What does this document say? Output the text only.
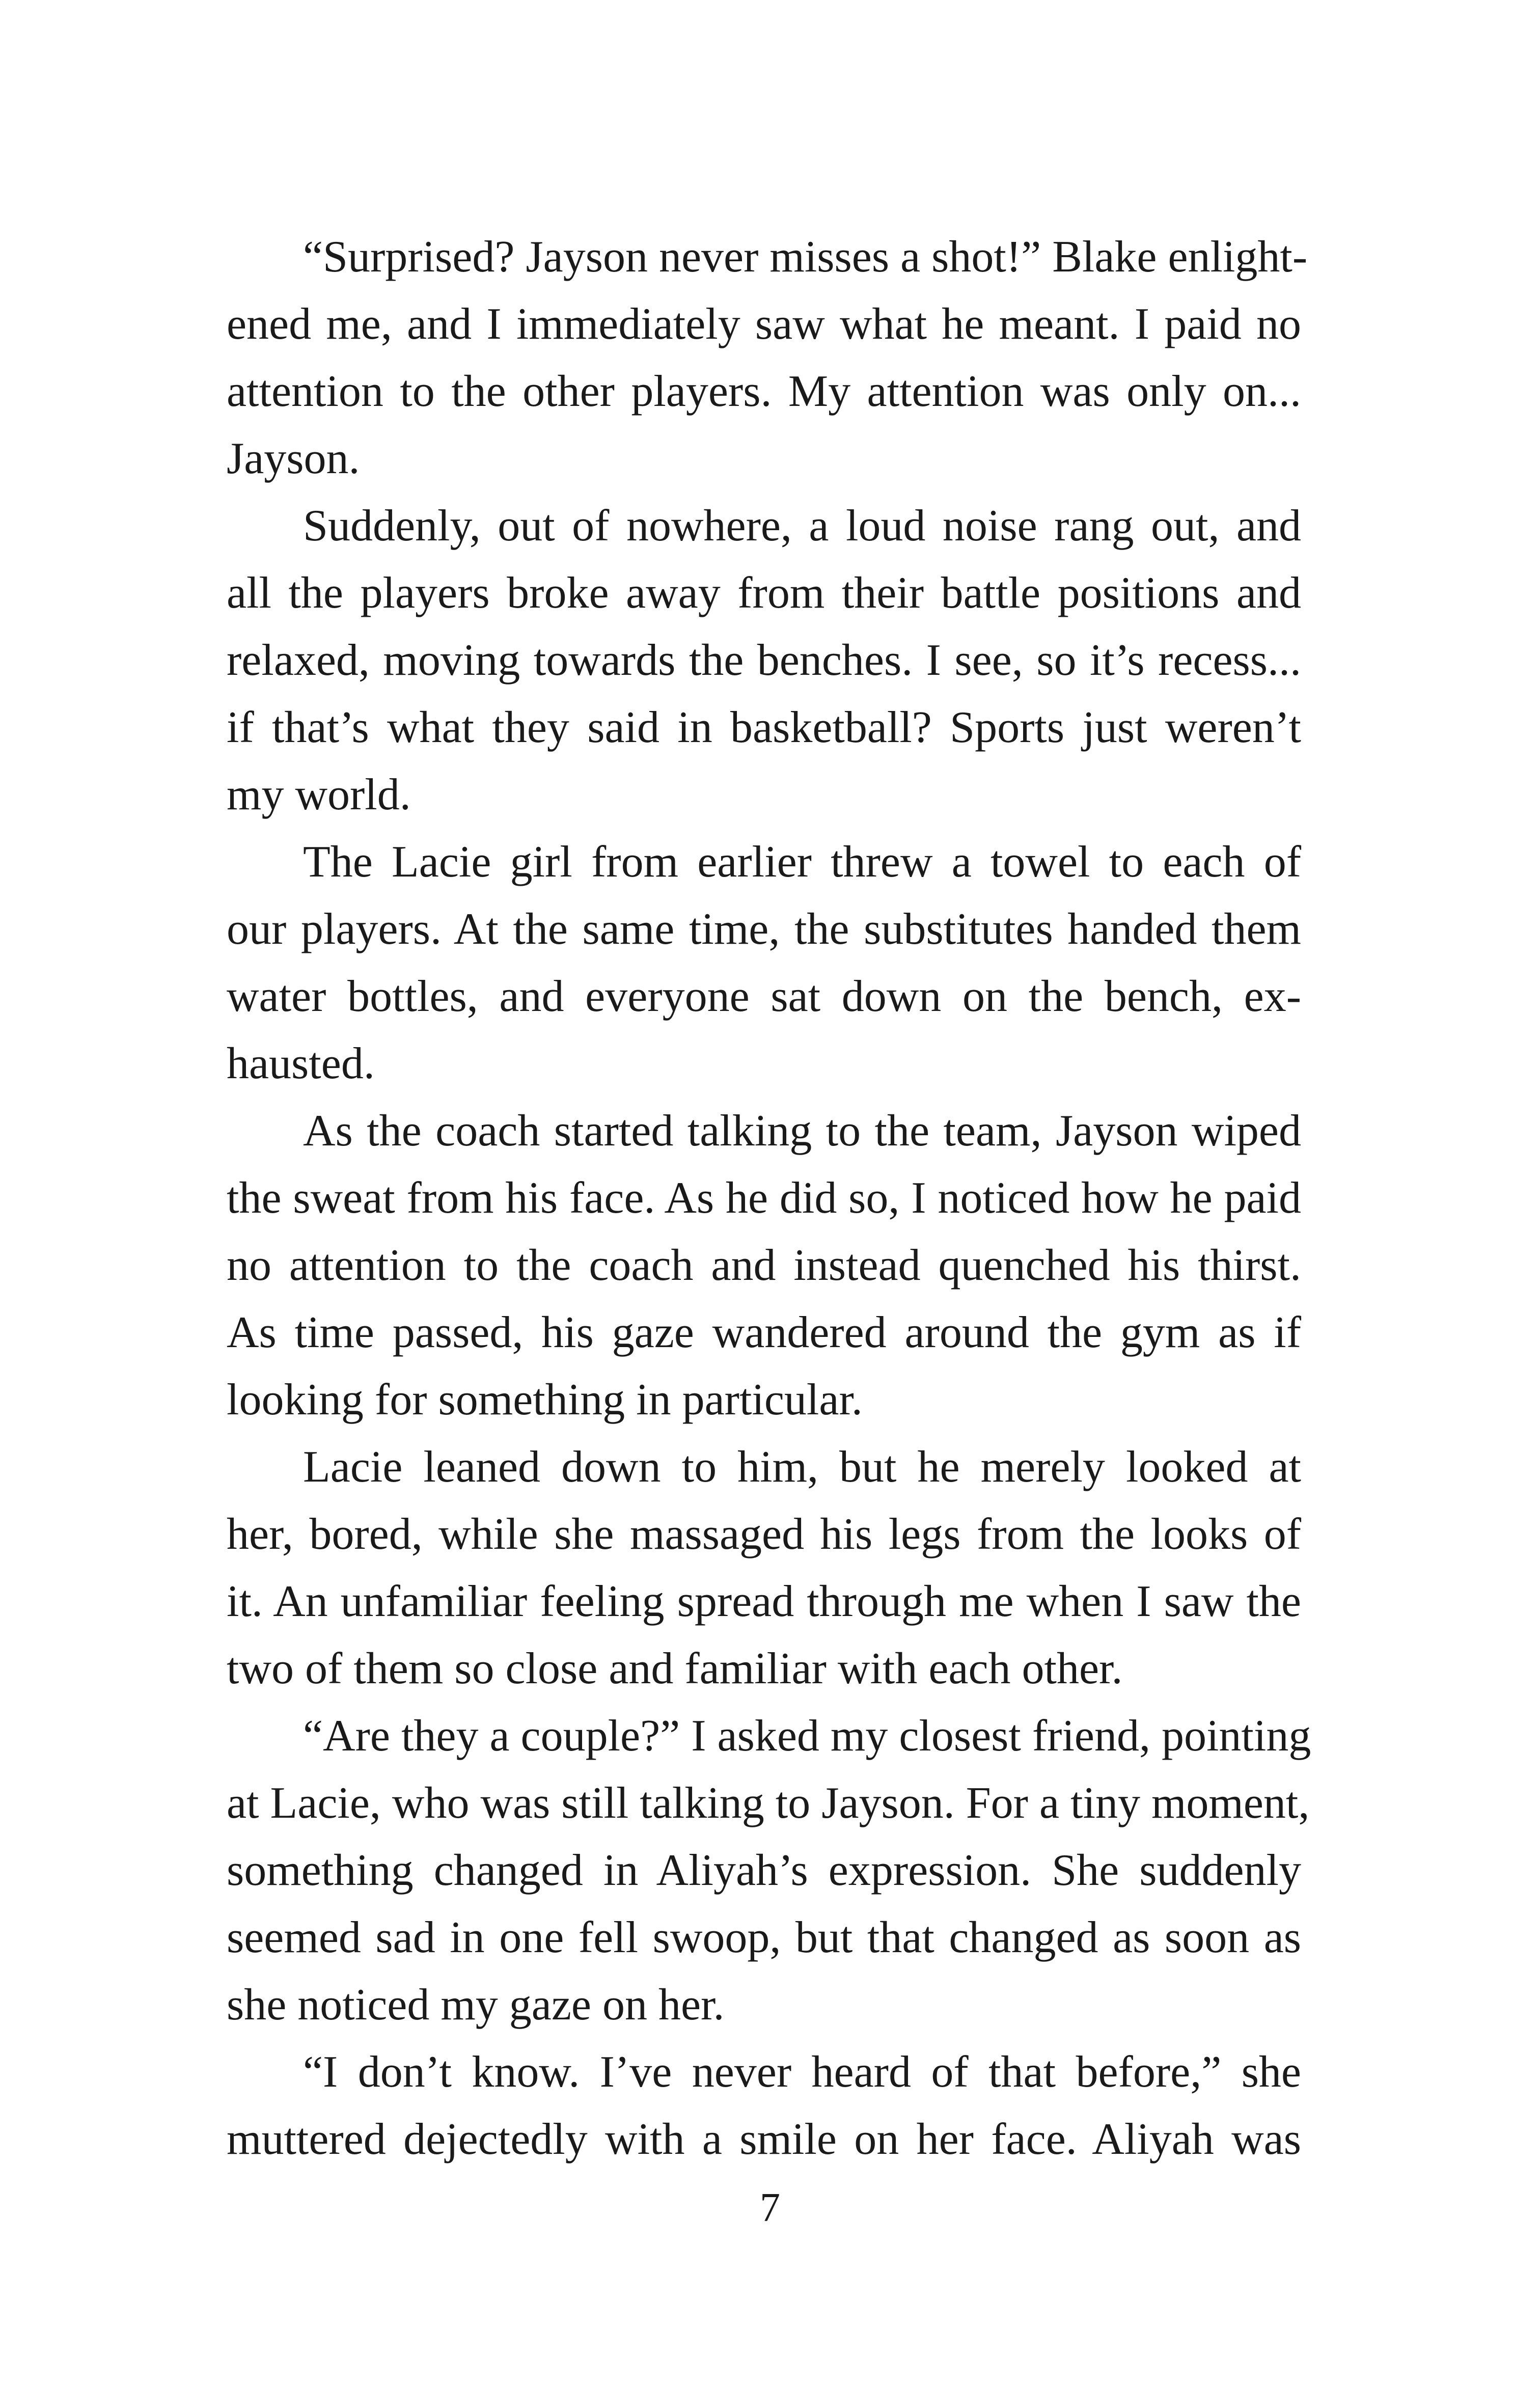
“Surprised? Jayson never misses a shot!” Blake enlight-
ened me, and I immediately saw what he meant. I paid no
attention to the other players. My attention was only on...
Jayson.
Suddenly, out of nowhere, a loud noise rang out, and
all the players broke away from their battle positions and
relaxed, moving towards the benches. I see, so it’s recess...
if that’s what they said in basketball? Sports just weren’t
my world.
The Lacie girl from earlier threw a towel to each of
our players. At the same time, the substitutes handed them
water bottles, and everyone sat down on the bench, ex-
hausted.
As the coach started talking to the team, Jayson wiped
the sweat from his face. As he did so, I noticed how he paid
no attention to the coach and instead quenched his thirst.
As time passed, his gaze wandered around the gym as if
looking for something in particular.
Lacie leaned down to him, but he merely looked at
her, bored, while she massaged his legs from the looks of
it. An unfamiliar feeling spread through me when I saw the
two of them so close and familiar with each other.
“Are they a couple?” I asked my closest friend, pointing
at Lacie, who was still talking to Jayson. For a tiny moment,
something changed in Aliyah’s expression. She suddenly
seemed sad in one fell swoop, but that changed as soon as
she noticed my gaze on her.
“I don’t know. I’ve never heard of that before,” she
muttered dejectedly with a smile on her face. Aliyah was
7
